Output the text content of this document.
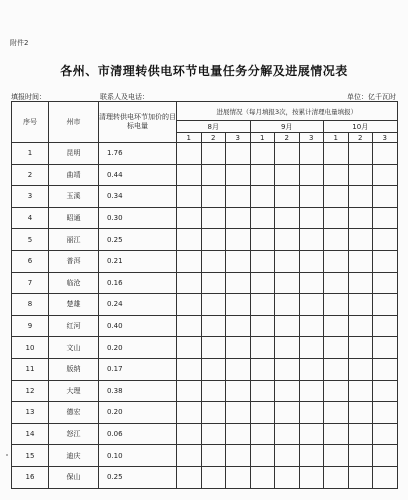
附件2
各州、市清理转供电环节电量任务分解及进展情况表
填报时间：	联系人及电话：	单位：亿千瓦时
序号	州市	清理转供电环节加价的目标电量	进展情况（每月填报3次，按累计清理电量填报）								
			8月			9月			10月		
			1	2	3	1	2	3	1	2	3
1	昆明	1.76									
2	曲靖	0.44									
3	玉溪	0.34									
4	昭通	0.30									
5	丽江	0.25									
6	普洱	0.21									
7	临沧	0.16									
8	楚雄	0.24									
9	红河	0.40									
10	文山	0.20									
11	版纳	0.17									
12	大理	0.38									
13	德宏	0.20									
14	怒江	0.06									
15	迪庆	0.10									
16	保山	0.25									
